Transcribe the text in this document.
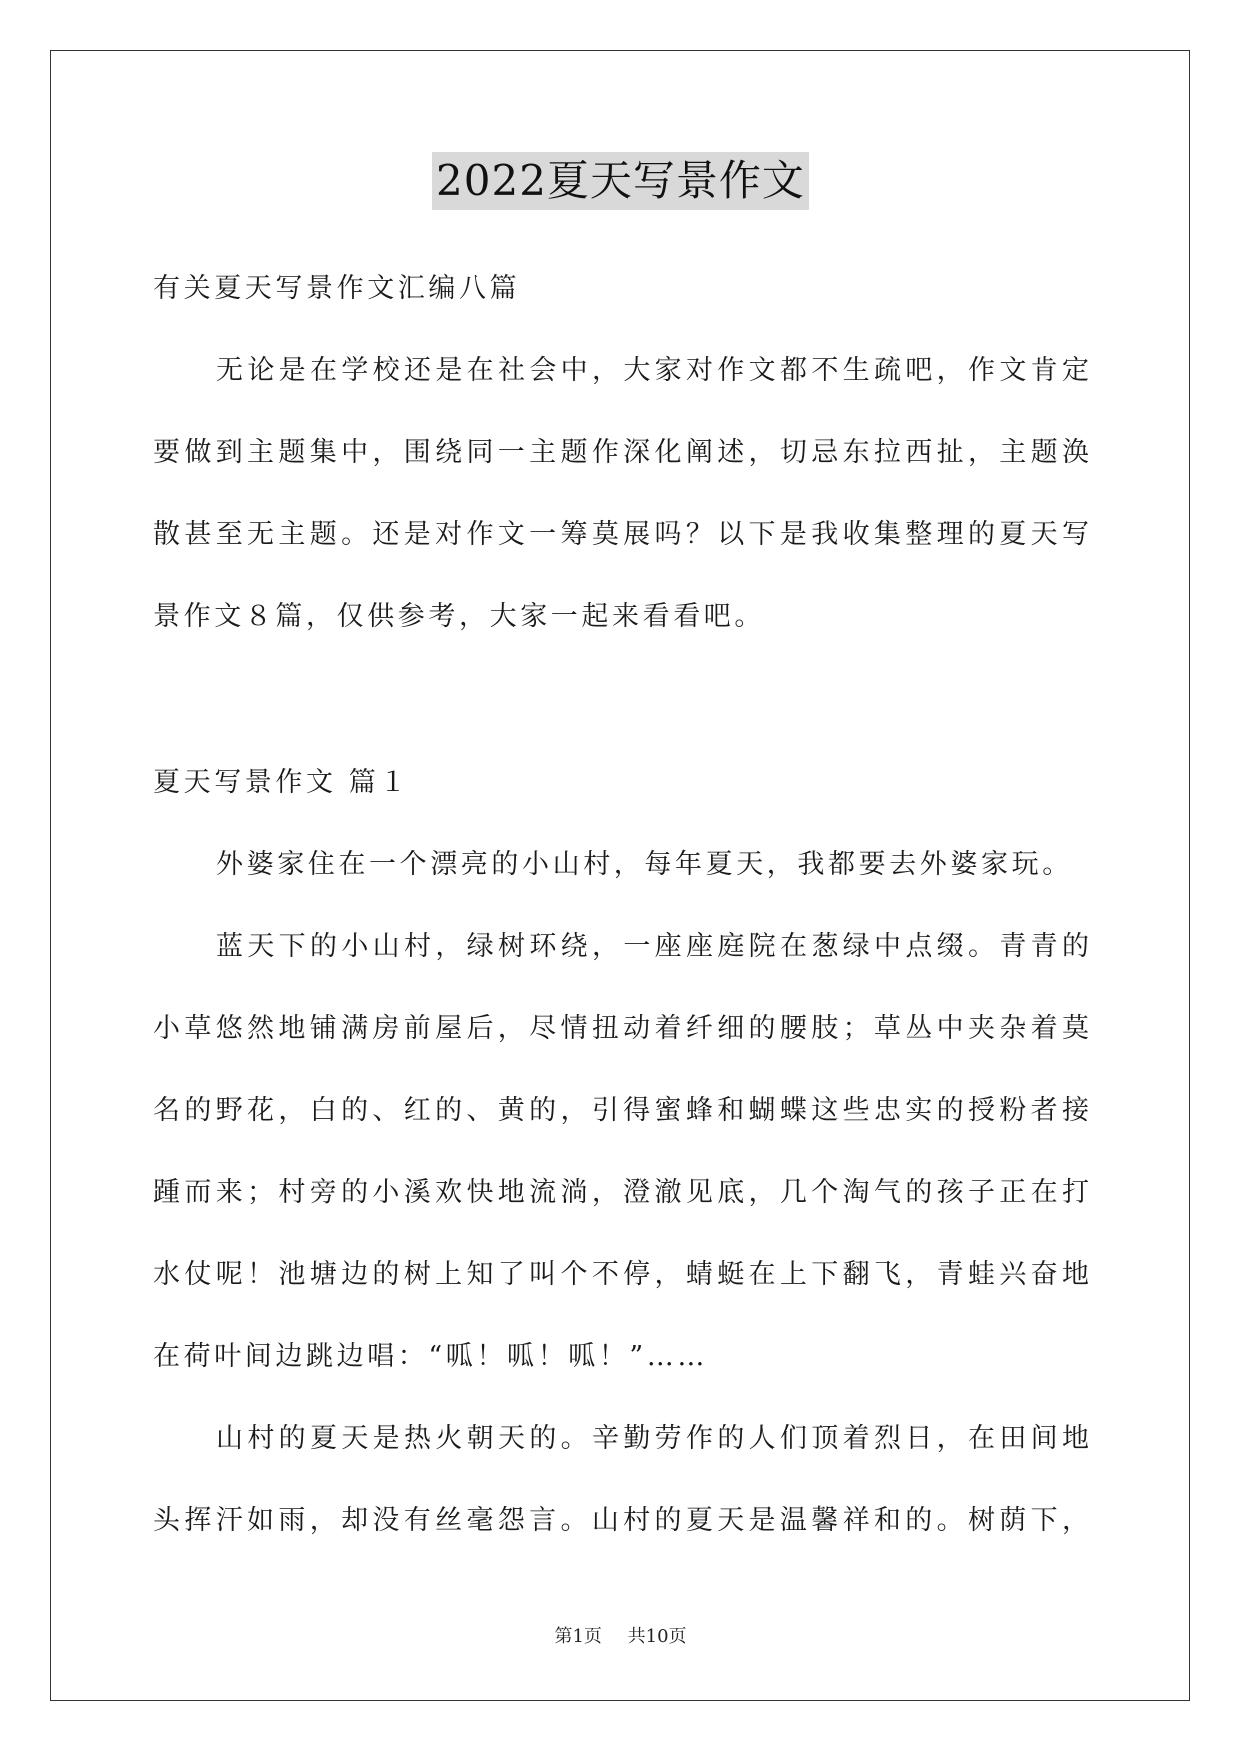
2022夏天写景作文
有关夏天写景作文汇编八篇
无论是在学校还是在社会中，大家对作文都不生疏吧，作文肯定
要做到主题集中，围绕同一主题作深化阐述，切忌东拉西扯，主题涣
散甚至无主题。还是对作文一筹莫展吗？以下是我收集整理的夏天写
景作文８篇，仅供参考，大家一起来看看吧。
夏天写景作文 篇１
外婆家住在一个漂亮的小山村，每年夏天，我都要去外婆家玩。
蓝天下的小山村，绿树环绕，一座座庭院在葱绿中点缀。青青的
小草悠然地铺满房前屋后，尽情扭动着纤细的腰肢；草丛中夹杂着莫
名的野花，白的、红的、黄的，引得蜜蜂和蝴蝶这些忠实的授粉者接
踵而来；村旁的小溪欢快地流淌，澄澈见底，几个淘气的孩子正在打
水仗呢！池塘边的树上知了叫个不停，蜻蜓在上下翻飞，青蛙兴奋地
在荷叶间边跳边唱：“呱！呱！呱！”……
山村的夏天是热火朝天的。辛勤劳作的人们顶着烈日，在田间地
头挥汗如雨，却没有丝毫怨言。山村的夏天是温馨祥和的。树荫下，
第1页 共10页
